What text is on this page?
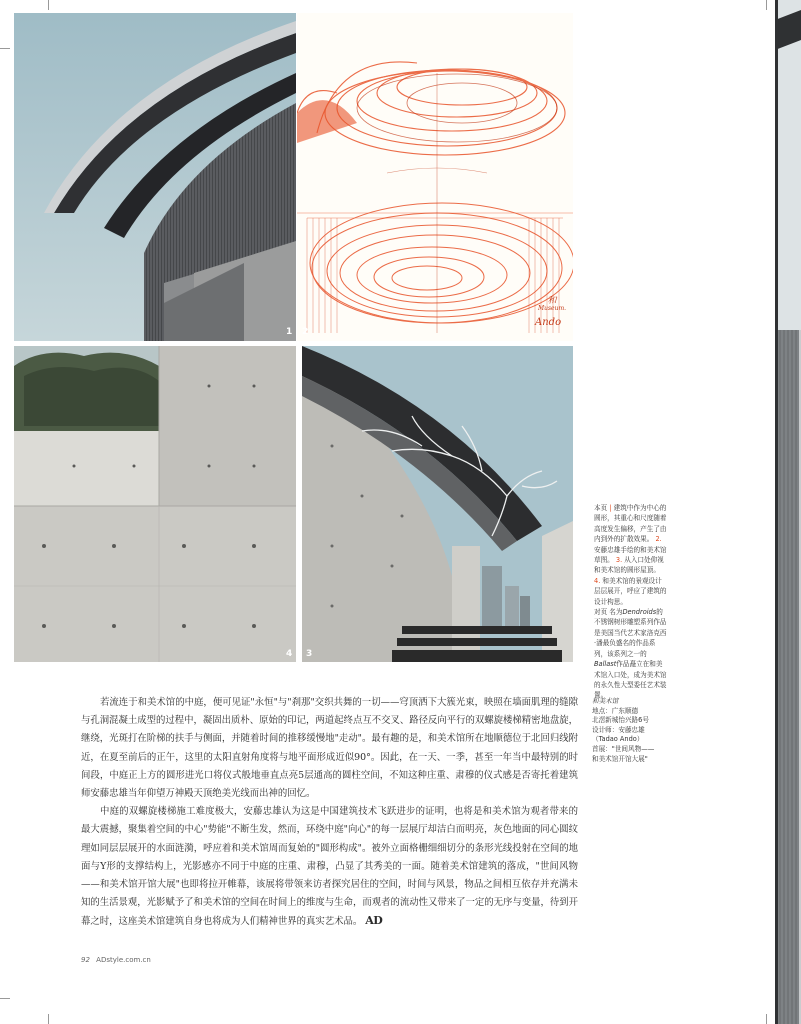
1
和
Museum.
Ando
2
4 3
本页 | 建筑中作为中心的圆形，其重心和尺度随着高度发生偏移，产生了由内到外的扩散效果。 2. 安藤忠雄手绘的和美术馆草图。 3. 从入口处仰视和美术馆的圆形屋顶。 4. 和美术馆的景观设计层层展开，呼应了建筑的设计构思。
对页 名为Dendroids的不锈钢树形雕塑系列作品是美国当代艺术家洛克西·潘最负盛名的作品系列，该系列之一的Ballast作品矗立在和美术馆入口处，成为美术馆的永久性大型委任艺术装置。
和美术馆
地点：广东顺德
北滘新城怡兴路6号
设计师：安藤忠雄
（Tadao Ando）
首展："世间风物——
和美术馆开馆大展"

若流连于和美术馆的中庭，便可见证"永恒"与"刹那"交织共舞的一切——穹顶洒下大簇光束，映照在墙面肌理的缝隙与孔洞混凝土成型的过程中，凝固出质朴、原始的印记，两道起终点互不交叉、路径反向平行的双螺旋楼梯精密地盘旋，继绕，光斑打在阶梯的扶手与侧面，并随着时间的推移缓慢地"走动"。最有趣的是，和美术馆所在地顺德位于北回归线附近，在夏至前后的正午，这里的太阳直射角度将与地平面形成近似90°。因此，在一天、一季，甚至一年当中最特别的时间段，中庭正上方的圆形进光口将仪式般地垂直点亮5层通高的圆柱空间，不知这种庄重、肃穆的仪式感是否寄托着建筑师安藤忠雄当年仰望万神殿天顶绝美光线而出神的回忆。

中庭的双螺旋楼梯施工难度极大，安藤忠雄认为这是中国建筑技术飞跃进步的证明，也将是和美术馆为观者带来的最大震撼，聚集着空间的中心"势能"不断生发，然而，环绕中庭"向心"的每一层展厅却洁白而明亮，灰色地面的同心圆纹理如同层层展开的水面涟漪，呼应着和美术馆周而复始的"圆形构成"。被外立面格栅细细切分的条形光线投射在空间的地面与Y形的支撑结构上，光影感亦不同于中庭的庄重、肃穆，凸显了其秀美的一面。随着美术馆建筑的落成，"世间风物——和美术馆开馆大展"也即将拉开帷幕，该展将带领来访者探究居住的空间，时间与风景，物品之间相互依存并充满未知的生活景观，光影赋予了和美术馆的空间在时间上的维度与生命，而观者的流动性又带来了一定的无序与变量，待到开幕之时，这座美术馆建筑自身也将成为人们精神世界的真实艺术品。 AD

92 ADstyle.com.cn
